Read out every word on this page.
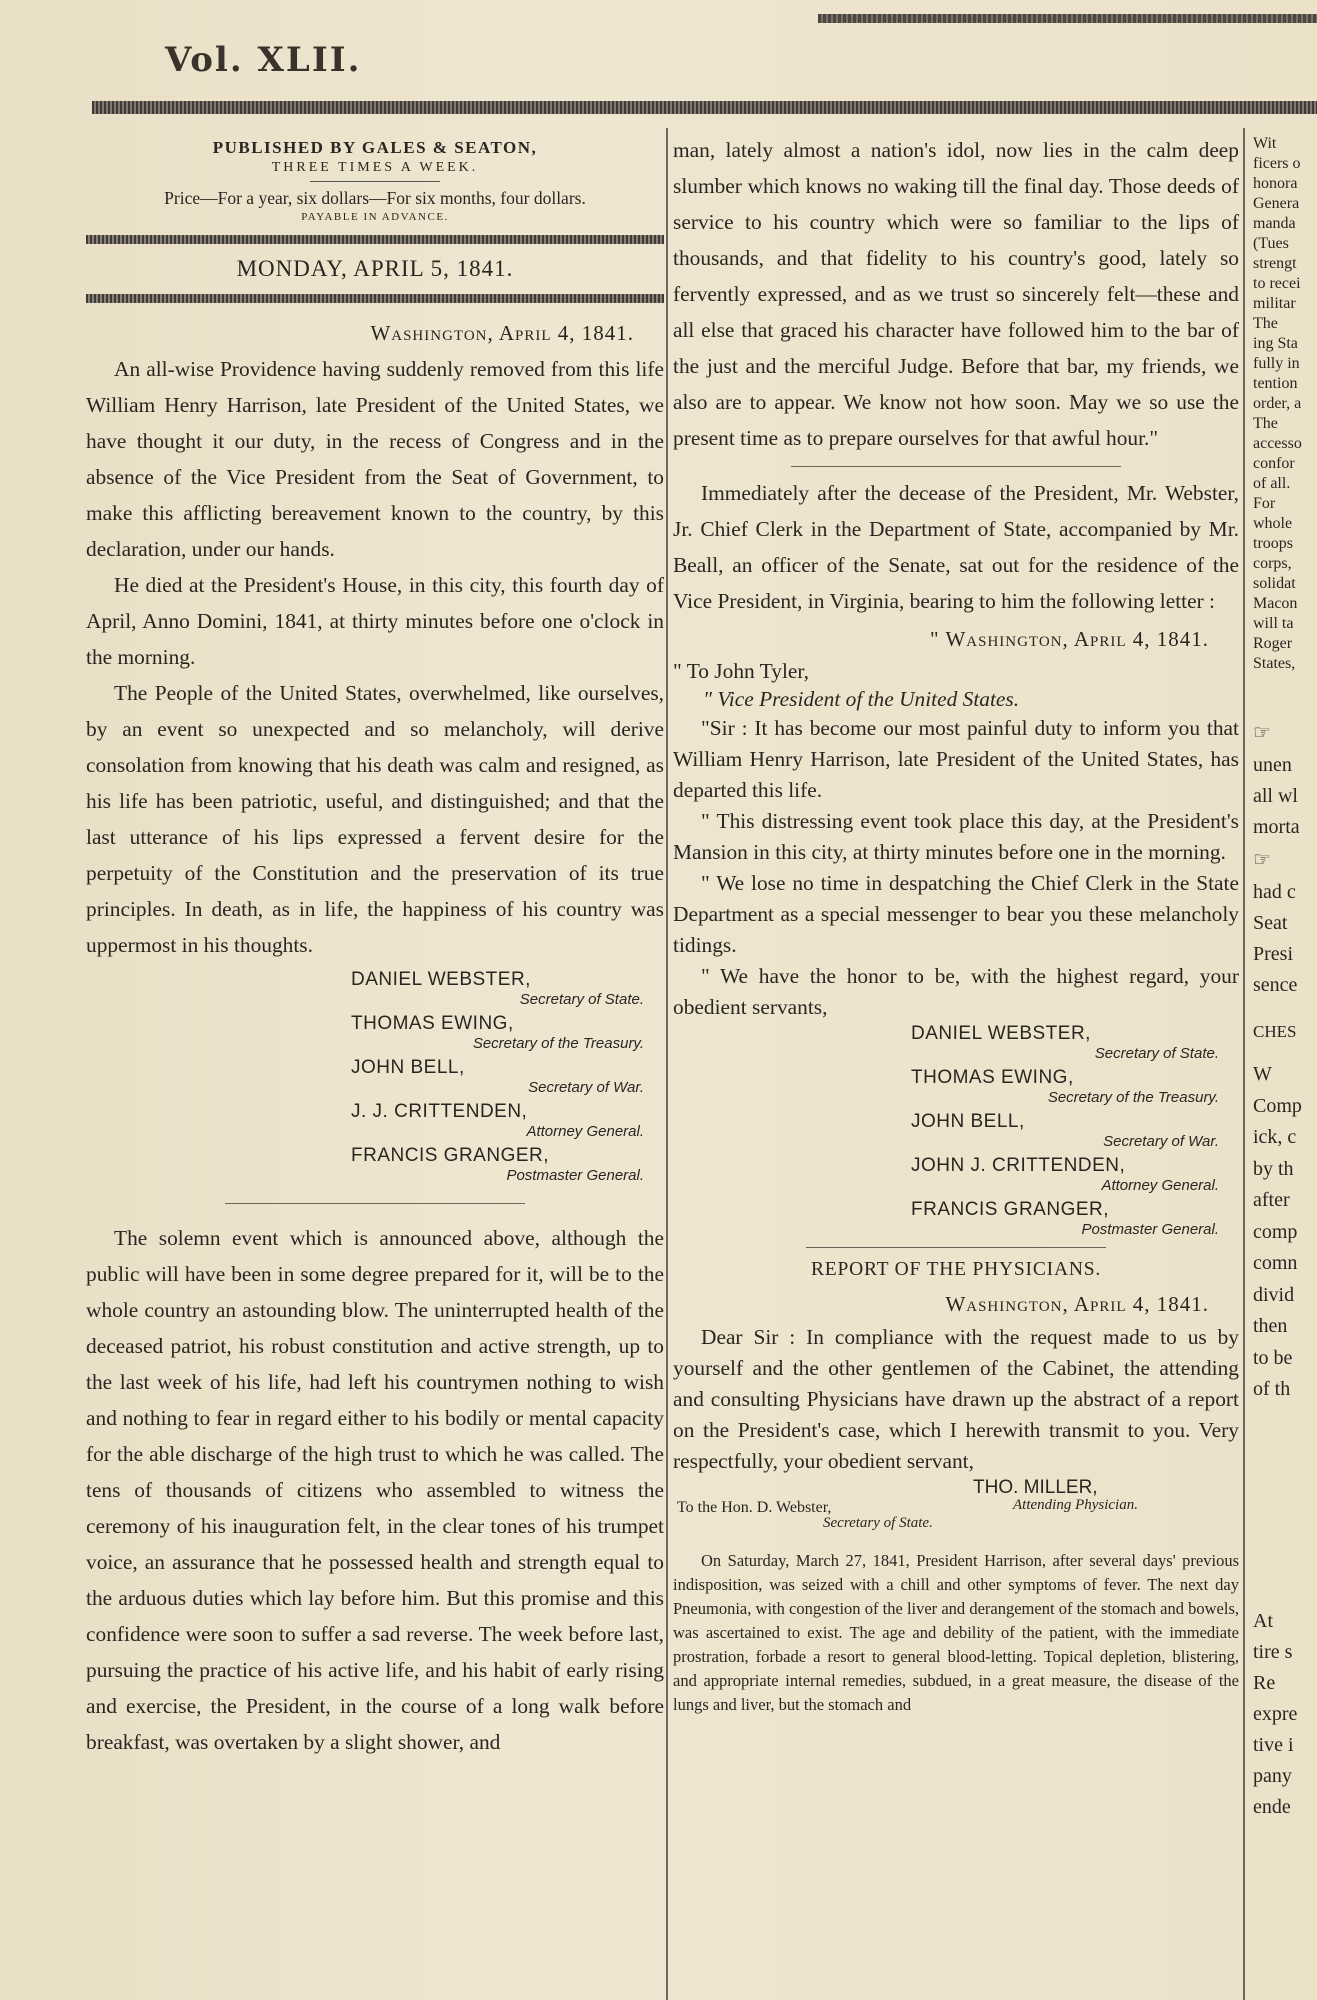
Vol. XLII.
PUBLISHED BY GALES & SEATON,
THREE TIMES A WEEK.
Price—For a year, six dollars—For six months, four dollars.
PAYABLE IN ADVANCE.
MONDAY, APRIL 5, 1841.
Washington, April 4, 1841.

An all-wise Providence having suddenly removed from this life William Henry Harrison, late President of the United States, we have thought it our duty, in the recess of Congress and in the absence of the Vice President from the Seat of Government, to make this afflicting bereavement known to the country, by this declaration, under our hands.

He died at the President's House, in this city, this fourth day of April, Anno Domini, 1841, at thirty minutes before one o'clock in the morning.

The People of the United States, overwhelmed, like ourselves, by an event so unexpected and so melancholy, will derive consolation from knowing that his death was calm and resigned, as his life has been patriotic, useful, and distinguished; and that the last utterance of his lips expressed a fervent desire for the perpetuity of the Constitution and the preservation of its true principles. In death, as in life, the happiness of his country was uppermost in his thoughts.

DANIEL WEBSTER,
Secretary of State.
THOMAS EWING,
Secretary of the Treasury.
JOHN BELL,
Secretary of War.
J. J. CRITTENDEN,
Attorney General.
FRANCIS GRANGER,
Postmaster General.

The solemn event which is announced above, although the public will have been in some degree prepared for it, will be to the whole country an astounding blow. The uninterrupted health of the deceased patriot, his robust constitution and active strength, up to the last week of his life, had left his countrymen nothing to wish and nothing to fear in regard either to his bodily or mental capacity for the able discharge of the high trust to which he was called. The tens of thousands of citizens who assembled to witness the ceremony of his inauguration felt, in the clear tones of his trumpet voice, an assurance that he possessed health and strength equal to the arduous duties which lay before him. But this promise and this confidence were soon to suffer a sad reverse. The week before last, pursuing the practice of his active life, and his habit of early rising and exercise, the President, in the course of a long walk before breakfast, was overtaken by a slight shower, and

man, lately almost a nation's idol, now lies in the calm deep slumber which knows no waking till the final day. Those deeds of service to his country which were so familiar to the lips of thousands, and that fidelity to his country's good, lately so fervently expressed, and as we trust so sincerely felt—these and all else that graced his character have followed him to the bar of the just and the merciful Judge. Before that bar, my friends, we also are to appear. We know not how soon. May we so use the present time as to prepare ourselves for that awful hour."

Immediately after the decease of the President, Mr. Webster, Jr. Chief Clerk in the Department of State, accompanied by Mr. Beall, an officer of the Senate, sat out for the residence of the Vice President, in Virginia, bearing to him the following letter :

" Washington, April 4, 1841.
" To John Tyler,
" Vice President of the United States.

"Sir : It has become our most painful duty to inform you that William Henry Harrison, late President of the United States, has departed this life.

" This distressing event took place this day, at the President's Mansion in this city, at thirty minutes before one in the morning.

" We lose no time in despatching the Chief Clerk in the State Department as a special messenger to bear you these melancholy tidings.

" We have the honor to be, with the highest regard, your obedient servants,

DANIEL WEBSTER,
Secretary of State.
THOMAS EWING,
Secretary of the Treasury.
JOHN BELL,
Secretary of War.
JOHN J. CRITTENDEN,
Attorney General.
FRANCIS GRANGER,
Postmaster General.
REPORT OF THE PHYSICIANS.
Washington, April 4, 1841.

Dear Sir : In compliance with the request made to us by yourself and the other gentlemen of the Cabinet, the attending and consulting Physicians have drawn up the abstract of a report on the President's case, which I herewith transmit to you. Very respectfully, your obedient servant,

THO. MILLER,
To the Hon. D. Webster,	Attending Physician.
Secretary of State.

On Saturday, March 27, 1841, President Harrison, after several days' previous indisposition, was seized with a chill and other symptoms of fever. The next day Pneumonia, with congestion of the liver and derangement of the stomach and bowels, was ascertained to exist. The age and debility of the patient, with the immediate prostration, forbade a resort to general blood-letting. Topical depletion, blistering, and appropriate internal remedies, subdued, in a great measure, the disease of the lungs and liver, but the stomach and

Wit
ficers o
honora
Genera
manda
(Tues
strengt
to recei
militar
The
ing Sta
fully in
tention
order, a
The
accesso
confor
of all.
For
whole
troops
corps,
solidat
Macon
will ta
Roger
States,
☞
unen
all wl
morta
☞
had c
Seat
Presi
sence
CHES
W
Comp
ick, c
by th
after
comp
comn
divid
then
to be
of th
At
tire s
Re
expre
tive i
pany
ende
